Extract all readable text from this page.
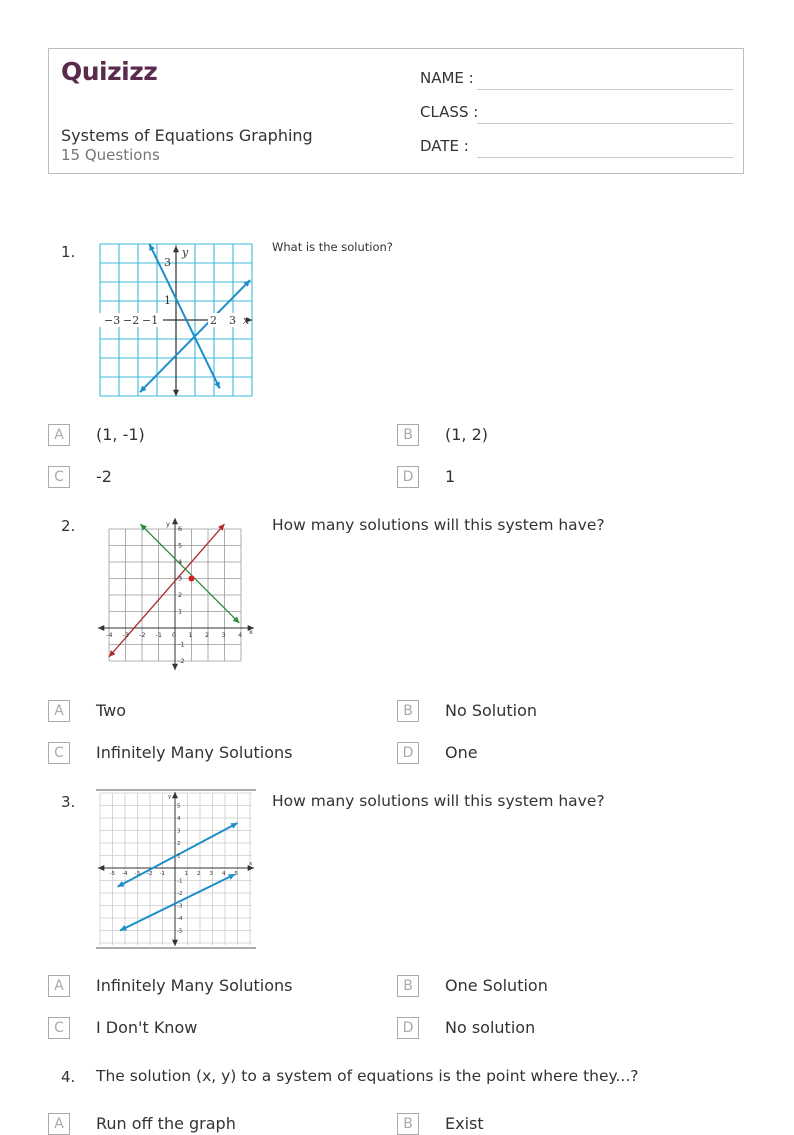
Quizizz
Systems of Equations Graphing
15 Questions
NAME :
CLASS :
DATE :
1.	y
3
1
−3 −2 −1	2 3 x
What is the solution?
A	(1, -1)	B	(1, 2)
C	-2	D	1
2.	y
6
5
4
3
2
1
-1
-2
-4 -3 -2 -1 0 1 2 3 4 x
How many solutions will this system have?
A	Two	B	No Solution
C	Infinitely Many Solutions	D	One
3.	y
5
4
3
2
1
-1
-2
-3
-4
-5
-5 -4 -3 -2 -1	1 2 3 4 5
x
How many solutions will this system have?
A	Infinitely Many Solutions	B	One Solution
C	I Don't Know	D	No solution
4. The solution (x, y) to a system of equations is the point where they...?
A	Run off the graph	B	Exist
